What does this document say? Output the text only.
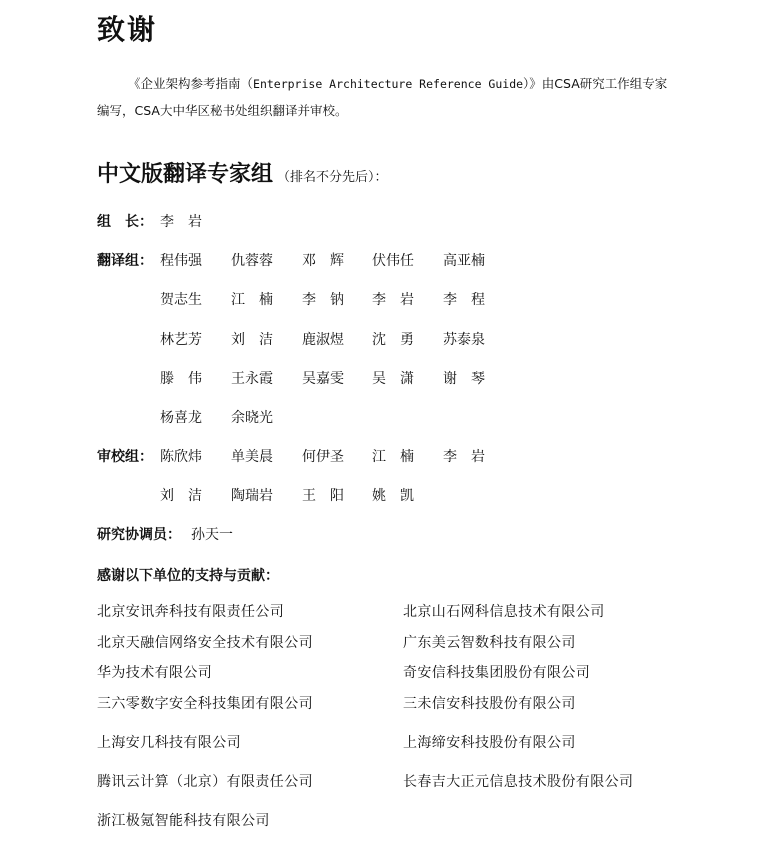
致谢
《企业架构参考指南（Enterprise Architecture Reference Guide）》由CSA研究工作组专家
编写，CSA大中华区秘书处组织翻译并审校。
中文版翻译专家组 （排名不分先后）：
组　长： 李　岩
翻译组： 程伟强 仇蓉蓉 邓　辉 伏伟任 高亚楠
贺志生 江　楠 李　钠 李　岩 李　程
林艺芳 刘　洁 鹿淑煜 沈　勇 苏泰泉
滕　伟 王永霞 吴嘉雯 吴　潇 谢　琴
杨喜龙 余晓光
审校组： 陈欣炜 单美晨 何伊圣 江　楠 李　岩
刘　洁 陶瑞岩 王　阳 姚　凯
研究协调员： 孙天一
感谢以下单位的支持与贡献：
北京安讯奔科技有限责任公司	北京山石网科信息技术有限公司
北京天融信网络安全技术有限公司	广东美云智数科技有限公司
华为技术有限公司	奇安信科技集团股份有限公司
三六零数字安全科技集团有限公司	三未信安科技股份有限公司
上海安几科技有限公司	上海缔安科技股份有限公司
腾讯云计算（北京）有限责任公司	长春吉大正元信息技术股份有限公司
浙江极氪智能科技有限公司
